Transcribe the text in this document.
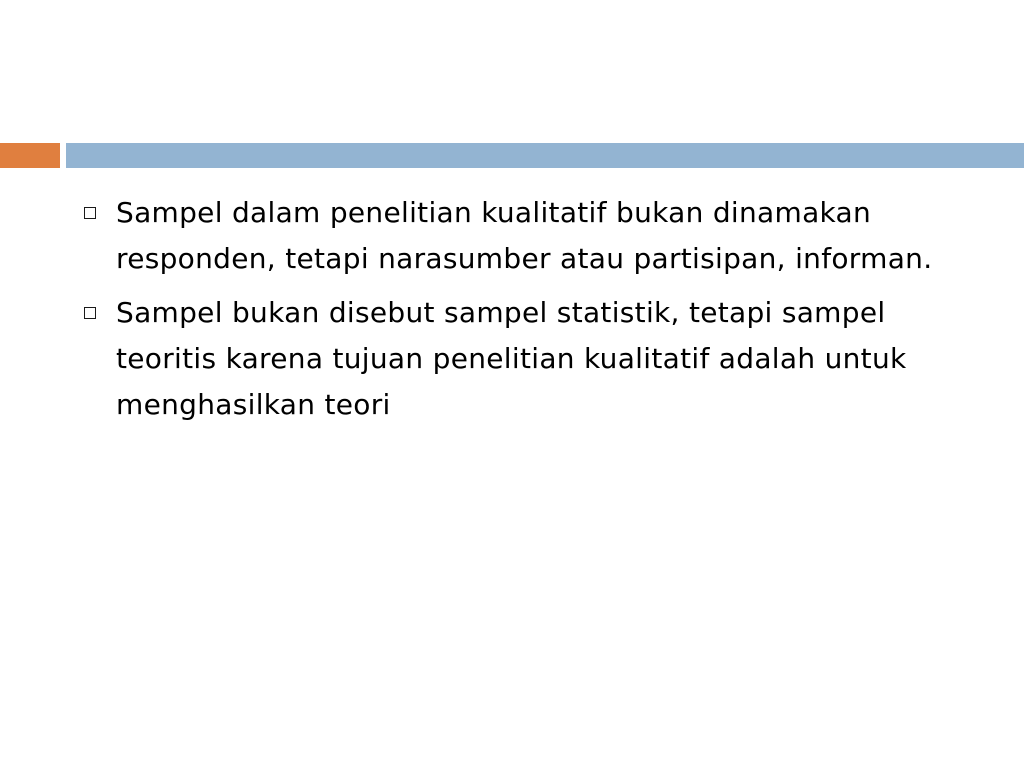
Sampel dalam penelitian kualitatif bukan dinamakan responden, tetapi narasumber atau partisipan, informan.
Sampel bukan disebut sampel statistik, tetapi sampel teoritis karena tujuan penelitian kualitatif adalah untuk menghasilkan teori
